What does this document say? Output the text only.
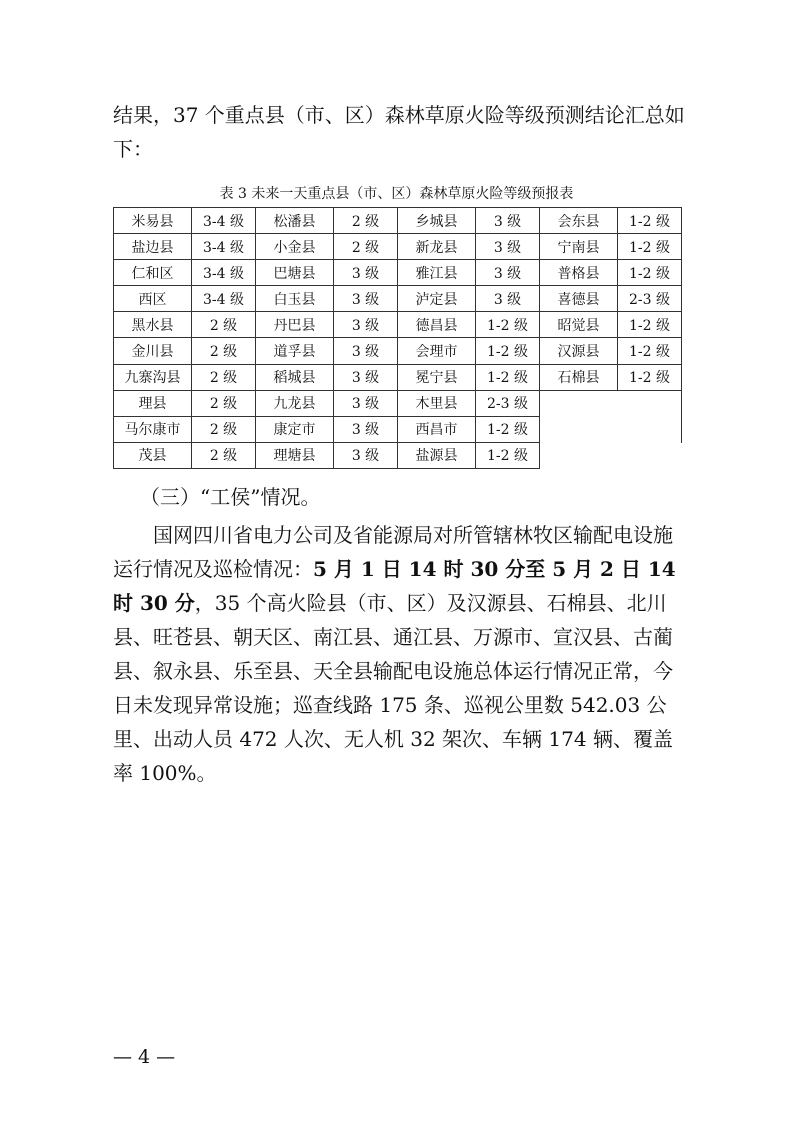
结果，37 个重点县（市、区）森林草原火险等级预测结论汇总如下：

表 3 未来一天重点县（市、区）森林草原火险等级预报表
米易县	3-4 级	松潘县	2 级	乡城县	3 级	会东县	1-2 级
盐边县	3-4 级	小金县	2 级	新龙县	3 级	宁南县	1-2 级
仁和区	3-4 级	巴塘县	3 级	雅江县	3 级	普格县	1-2 级
西区	3-4 级	白玉县	3 级	泸定县	3 级	喜德县	2-3 级
黑水县	2 级	丹巴县	3 级	德昌县	1-2 级	昭觉县	1-2 级
金川县	2 级	道孚县	3 级	会理市	1-2 级	汉源县	1-2 级
九寨沟县	2 级	稻城县	3 级	冕宁县	1-2 级	石棉县	1-2 级
理县	2 级	九龙县	3 级	木里县	2-3 级		
马尔康市	2 级	康定市	3 级	西昌市	1-2 级		
茂县	2 级	理塘县	3 级	盐源县	1-2 级		

（三）“工侯”情况。

国网四川省电力公司及省能源局对所管辖林牧区输配电设施运行情况及巡检情况：5 月 1 日 14 时 30 分至 5 月 2 日 14 时 30 分，35 个高火险县（市、区）及汉源县、石棉县、北川县、旺苍县、朝天区、南江县、通江县、万源市、宣汉县、古蔺县、叙永县、乐至县、天全县输配电设施总体运行情况正常，今日未发现异常设施；巡查线路 175 条、巡视公里数 542.03 公里、出动人员 472 人次、无人机 32 架次、车辆 174 辆、覆盖率 100%。

— 4 —
